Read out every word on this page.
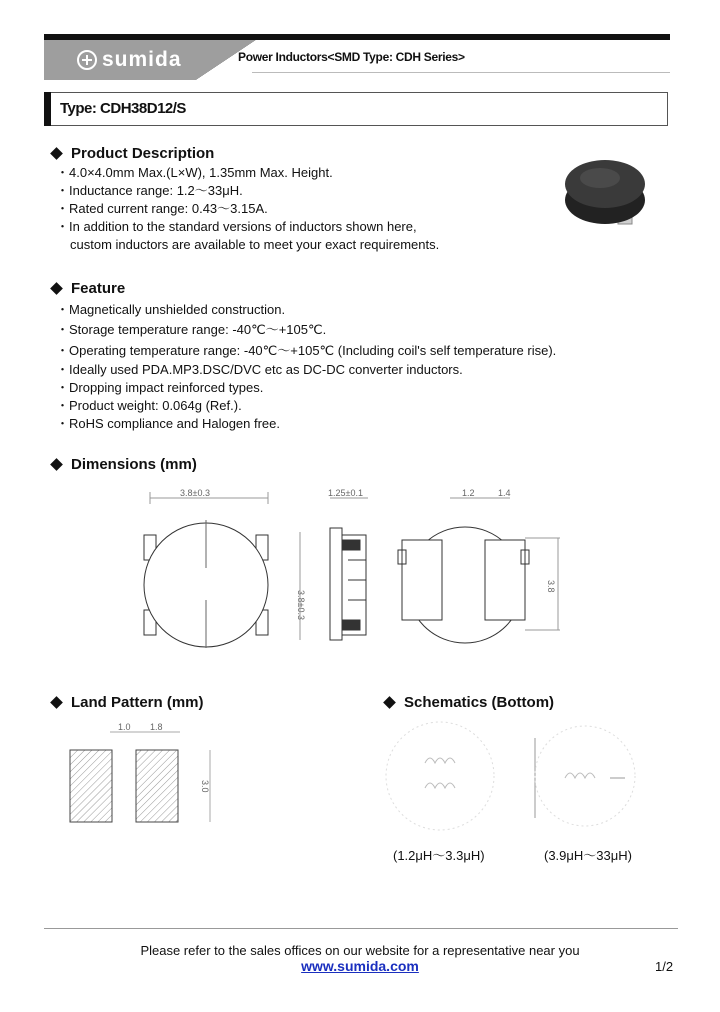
sumida	Power Inductors<SMD Type: CDH Series>
Type: CDH38D12/S
Product Description
・4.0×4.0mm Max.(L×W), 1.35mm Max. Height.
・Inductance range: 1.2～33μH.
・Rated current range: 0.43～3.15A.
・In addition to the standard versions of inductors shown here,
custom inductors are available to meet your exact requirements.
Feature
・Magnetically unshielded construction.
・Storage temperature range: -40℃～+105℃.
・Operating temperature range: -40℃～+105℃ (Including coil's self temperature rise).
・Ideally used PDA.MP3.DSC/DVC etc as DC-DC converter inductors.
・Dropping impact reinforced types.
・Product weight: 0.064g (Ref.).
・RoHS compliance and Halogen free.
Dimensions (mm)
3.8±0.3
3.8±0.3
1.25±0.1	1.2	1.4
3.8
Land Pattern (mm)
1.0 1.8
3.0
Schematics (Bottom)
(1.2μH～3.3μH)	(3.9μH～33μH)
Please refer to the sales offices on our website for a representative near you
www.sumida.com	1/2
